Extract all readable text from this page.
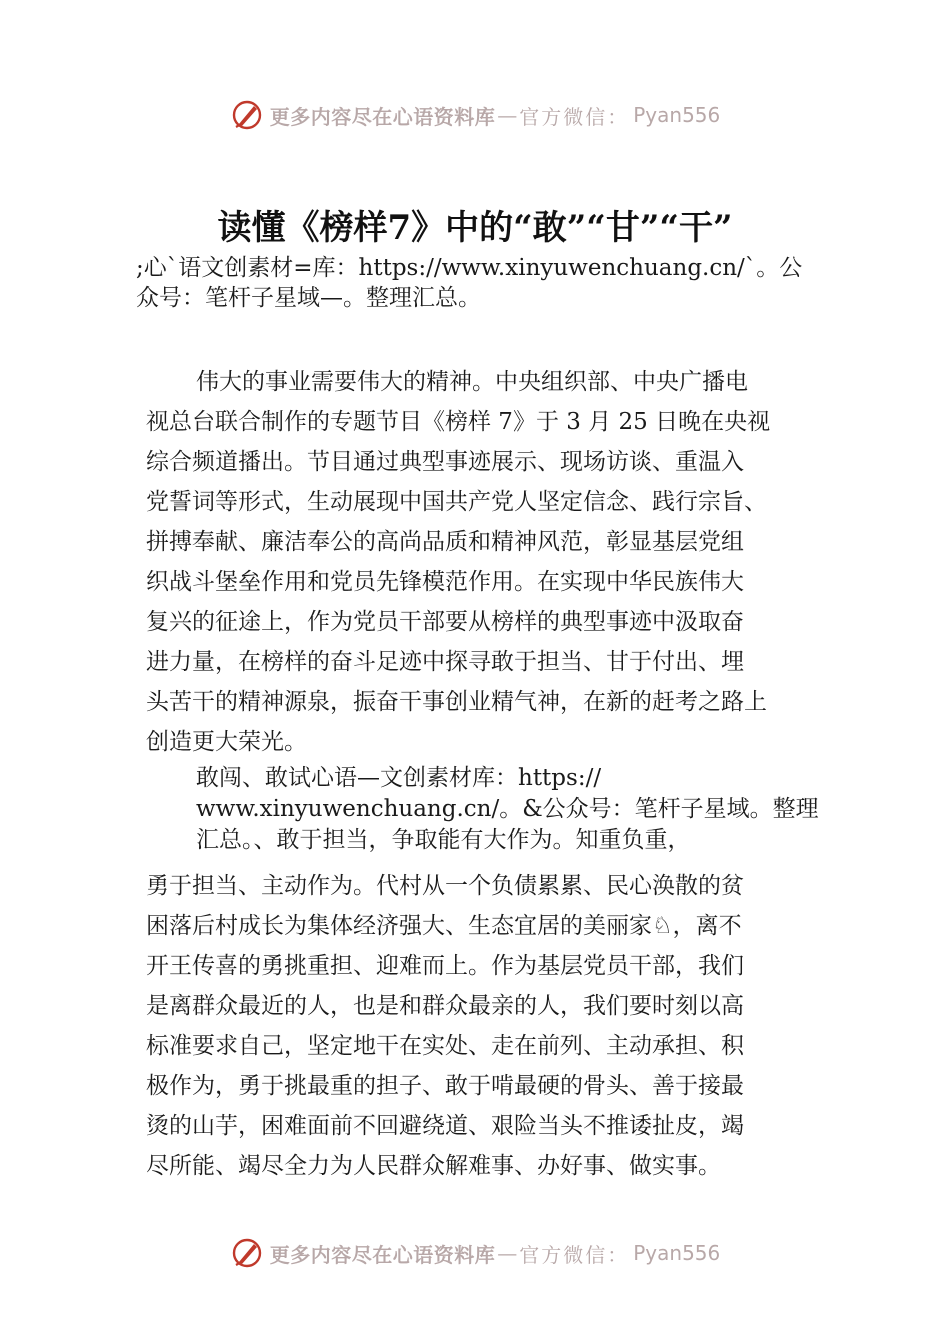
更多内容尽在心语资料库 — 官方微信： Pyan556
读懂《榜样7》中的“敢”“甘”“干”
;心`语文创素材=库：https://www.xinyuwenchuang.cn/`。公
众号：笔杆子星域—。整理汇总。
伟大的事业需要伟大的精神。中央组织部、中央广播电
视总台联合制作的专题节目《榜样 7》于 3 月 25 日晚在央视
综合频道播出。节目通过典型事迹展示、现场访谈、重温入
党誓词等形式，生动展现中国共产党人坚定信念、践行宗旨、
拼搏奉献、廉洁奉公的高尚品质和精神风范，彰显基层党组
织战斗堡垒作用和党员先锋模范作用。在实现中华民族伟大
复兴的征途上，作为党员干部要从榜样的典型事迹中汲取奋
进力量，在榜样的奋斗足迹中探寻敢于担当、甘于付出、埋
头苦干的精神源泉，振奋干事创业精气神，在新的赶考之路上
创造更大荣光。
敢闯、敢试心语—文创素材库：https://
www.xinyuwenchuang.cn/。&公众号：笔杆子星域。整理
汇总。、敢于担当，争取能有大作为。知重负重，
勇于担当、主动作为。代村从一个负债累累、民心涣散的贫
困落后村成长为集体经济强大、生态宜居的美丽家♘，离不
开王传喜的勇挑重担、迎难而上。作为基层党员干部，我们
是离群众最近的人，也是和群众最亲的人，我们要时刻以高
标准要求自己，坚定地干在实处、走在前列、主动承担、积
极作为，勇于挑最重的担子、敢于啃最硬的骨头、善于接最
烫的山芋，困难面前不回避绕道、艰险当头不推诿扯皮，竭
尽所能、竭尽全力为人民群众解难事、办好事、做实事。
更多内容尽在心语资料库 — 官方微信： Pyan556
